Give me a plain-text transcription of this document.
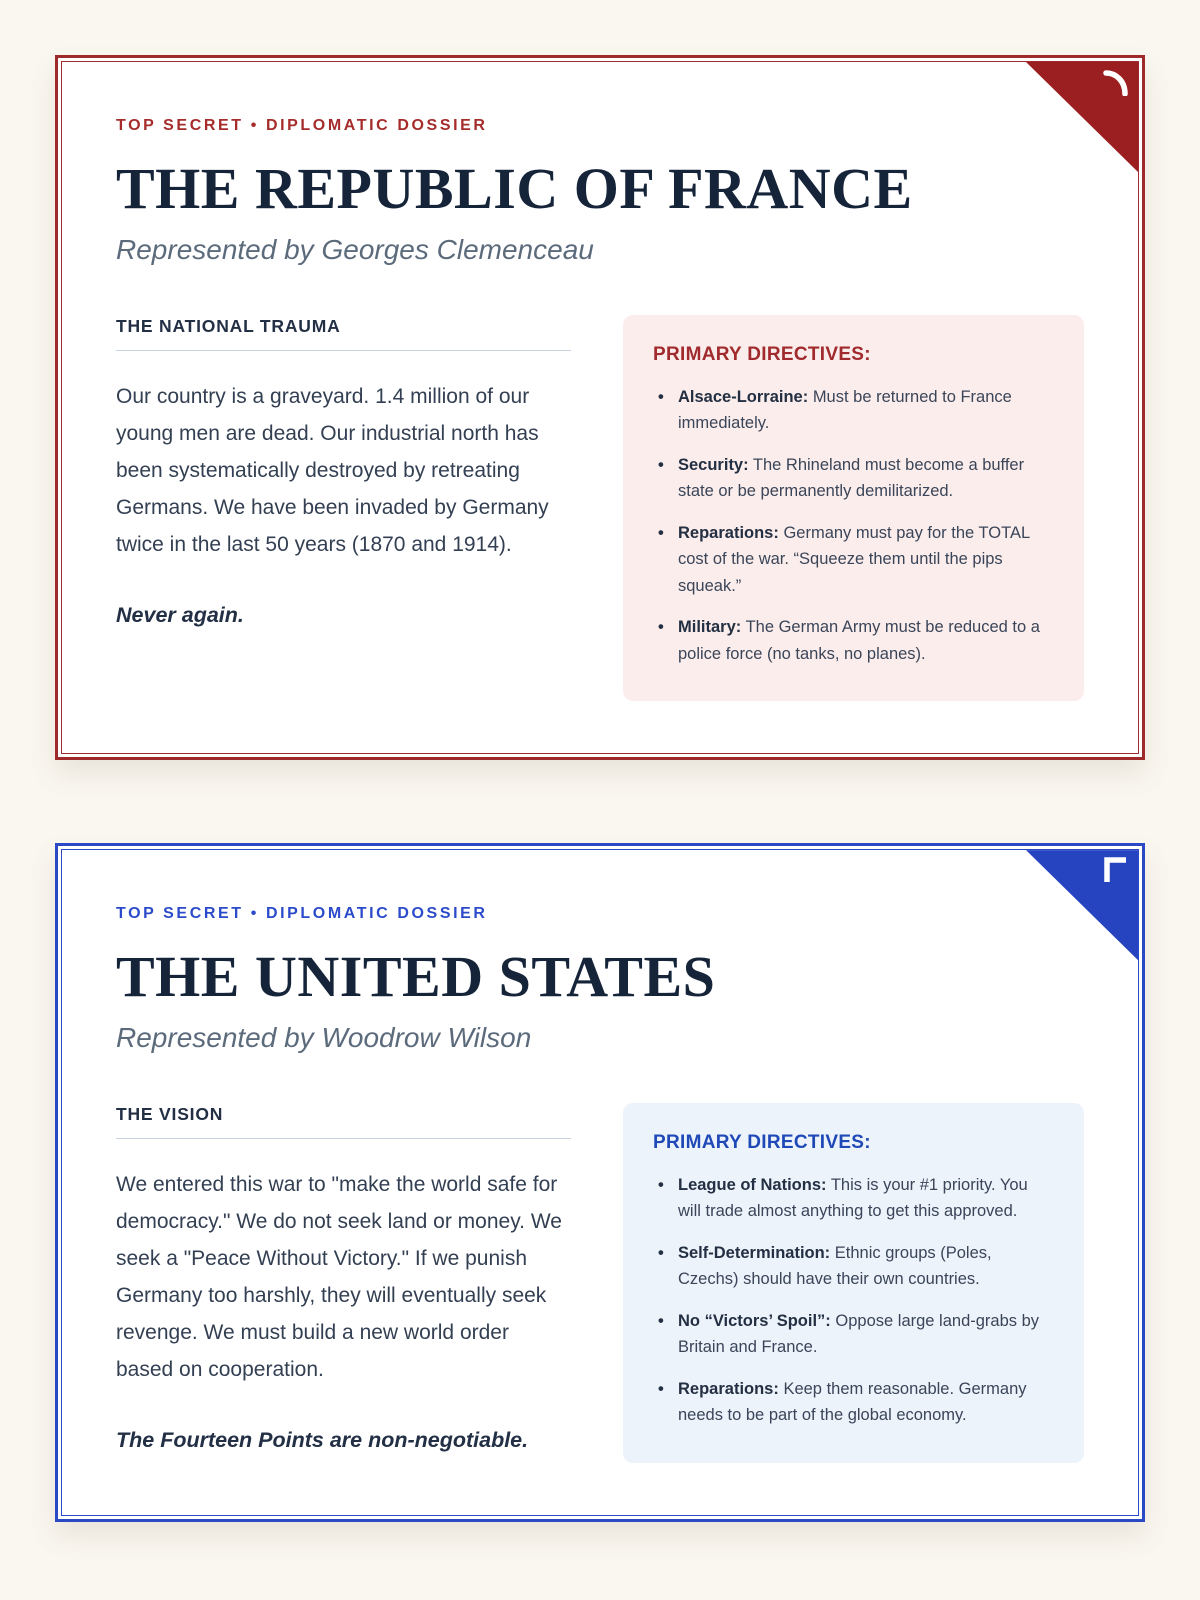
TOP SECRET • DIPLOMATIC DOSSIER
THE REPUBLIC OF FRANCE
Represented by Georges Clemenceau
THE NATIONAL TRAUMA

Our country is a graveyard. 1.4 million of our young men are dead. Our industrial north has been systematically destroyed by retreating Germans. We have been invaded by Germany twice in the last 50 years (1870 and 1914).

Never again.

PRIMARY DIRECTIVES:
• Alsace-Lorraine: Must be returned to France immediately.
• Security: The Rhineland must become a buffer state or be permanently demilitarized.
• Reparations: Germany must pay for the TOTAL cost of the war. “Squeeze them until the pips squeak.”
• Military: The German Army must be reduced to a police force (no tanks, no planes).
TOP SECRET • DIPLOMATIC DOSSIER
THE UNITED STATES
Represented by Woodrow Wilson
THE VISION

We entered this war to "make the world safe for democracy." We do not seek land or money. We seek a "Peace Without Victory." If we punish Germany too harshly, they will eventually seek revenge. We must build a new world order based on cooperation.

The Fourteen Points are non-negotiable.

PRIMARY DIRECTIVES:
• League of Nations: This is your #1 priority. You will trade almost anything to get this approved.
• Self-Determination: Ethnic groups (Poles, Czechs) should have their own countries.
• No “Victors’ Spoil”: Oppose large land-grabs by Britain and France.
• Reparations: Keep them reasonable. Germany needs to be part of the global economy.
